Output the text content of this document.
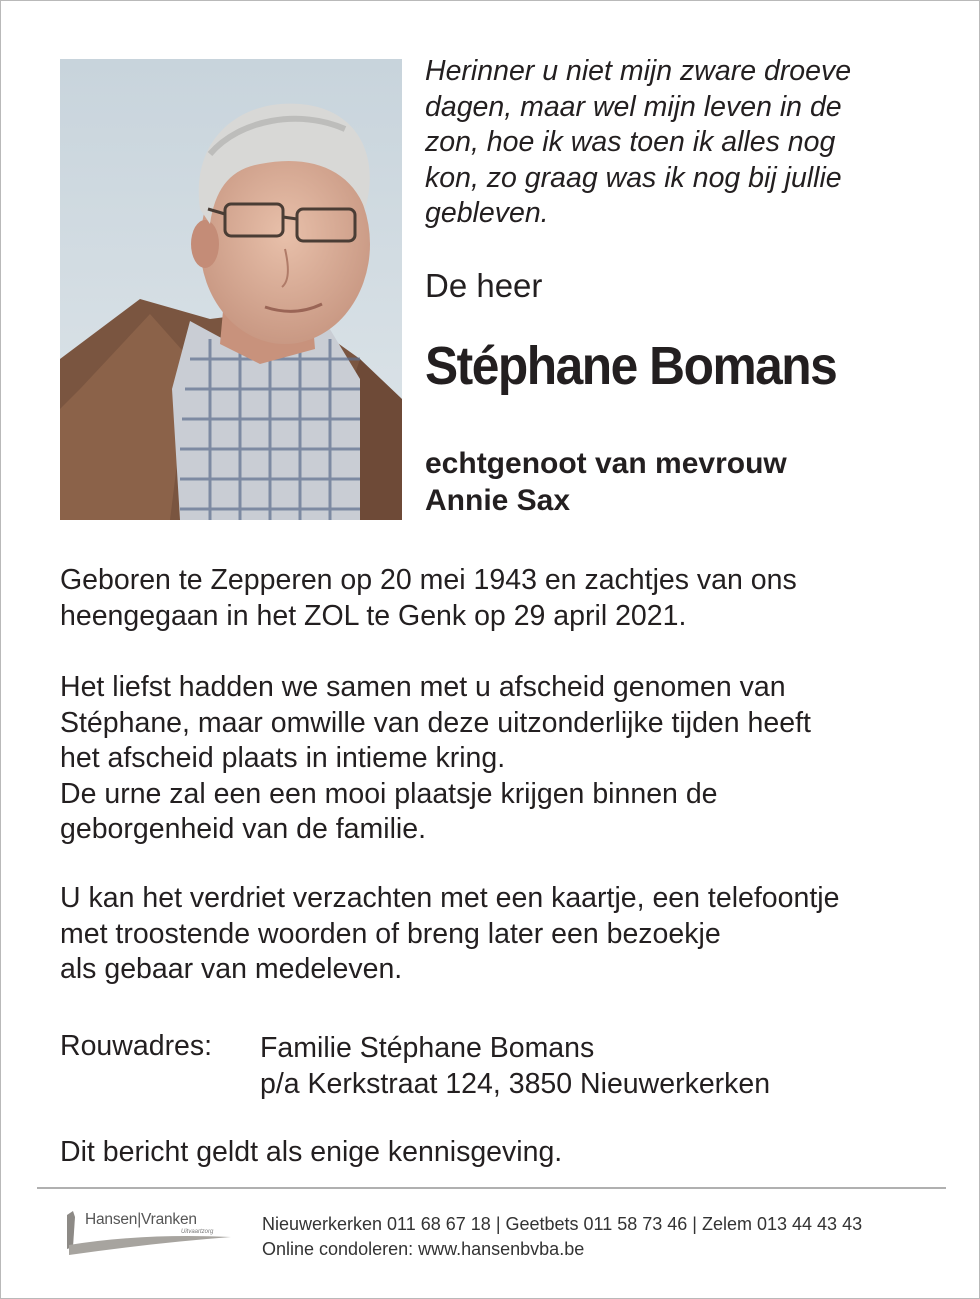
Herinner u niet mijn zware droeve
dagen, maar wel mijn leven in de
zon, hoe ik was toen ik alles nog
kon, zo graag was ik nog bij jullie
gebleven.
De heer
Stéphane Bomans
echtgenoot van mevrouw
Annie Sax
Geboren te Zepperen op 20 mei 1943 en zachtjes van ons
heengegaan in het ZOL te Genk op 29 april 2021.
Het liefst hadden we samen met u afscheid genomen van
Stéphane, maar omwille van deze uitzonderlijke tijden heeft
het afscheid plaats in intieme kring.
De urne zal een een mooi plaatsje krijgen binnen de
geborgenheid van de familie.
U kan het verdriet verzachten met een kaartje, een telefoontje
met troostende woorden of breng later een bezoekje
als gebaar van medeleven.
Rouwadres: Familie Stéphane Bomans
p/a Kerkstraat 124, 3850 Nieuwerkerken
Dit bericht geldt als enige kennisgeving.
Hansen|Vranken
Uitvaartzorg	Nieuwerkerken 011 68 67 18 | Geetbets 011 58 73 46 | Zelem 013 44 43 43
Online condoleren: www.hansenbvba.be
